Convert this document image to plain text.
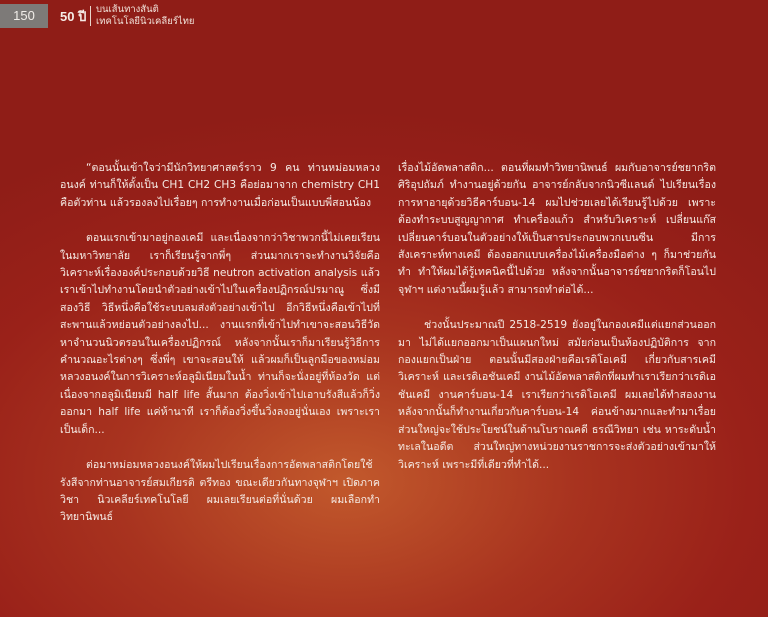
150	50 ปี บนเส้นทางสันติ
เทคโนโลยีนิวเคลียร์ไทย

“ตอนนั้นเข้าใจว่ามีนักวิทยาศาสตร์ราว 9 คน ท่านหม่อมหลวงอนงค์ ท่านก็ให้ตั้งเป็น CH1 CH2 CH3 คือย่อมาจาก chemistry CH1 คือตัวท่าน แล้วรองลงไปเรื่อยๆ การทำงานเมื่อก่อนเป็นแบบพี่สอนน้อง

ตอนแรกเข้ามาอยู่กองเคมี และเนื่องจากว่าวิชาพวกนี้ไม่เคยเรียนในมหาวิทยาลัย เราก็เรียนรู้จากพี่ๆ ส่วนมากเราจะทำงานวิจัยคือวิเคราะห์เรื่ององค์ประกอบด้วยวิธี neutron activation analysis แล้วเราเข้าไปทำงานโดยนำตัวอย่างเข้าไปในเครื่องปฏิกรณ์ปรมาณู ซึ่งมีสองวิธี วิธีหนึ่งคือใช้ระบบลมส่งตัวอย่างเข้าไป อีกวิธีหนึ่งคือเข้าไปที่สะพานแล้วหย่อนตัวอย่างลงไป... งานแรกที่เข้าไปทำเขาจะสอนวิธีวัดหาจำนวนนิวตรอนในเครื่องปฏิกรณ์ หลังจากนั้นเราก็มาเรียนรู้วิธีการคำนวณอะไรต่างๆ ซึ่งพี่ๆ เขาจะสอนให้ แล้วผมก็เป็นลูกมือของหม่อมหลวงอนงค์ในการวิเคราะห์อลูมิเนียมในน้ำ ท่านก็จะนั่งอยู่ที่ห้องวัด แต่เนื่องจากอลูมิเนียมมี half life สั้นมาก ต้องวิ่งเข้าไปเอาบรังสีแล้วก็วิ่งออกมา half life แค่ห้านาที เราก็ต้องวิ่งขึ้นวิ่งลงอยู่นั่นเอง เพราะเราเป็นเด็ก...

ต่อมาหม่อมหลวงอนงค์ให้ผมไปเรียนเรื่องการอัดพลาสติกโดยใช้รังสีจากท่านอาจารย์สมเกียรติ ตรีทอง ขณะเดียวกันทางจุฬาฯ เปิดภาควิชา นิวเคลียร์เทคโนโลยี ผมเลยเรียนต่อที่นั่นด้วย ผมเลือกทำวิทยานิพนธ์

เรื่องไม้อัดพลาสติก... ตอนที่ผมทำวิทยานิพนธ์ ผมกับอาจารย์ชยากริต ศิริอุปถัมภ์ ทำงานอยู่ด้วยกัน อาจารย์กลับจากนิวซีแลนด์ ไปเรียนเรื่องการหาอายุด้วยวิธีคาร์บอน-14 ผมไปช่วยเลยได้เรียนรู้ไปด้วย เพราะต้องทำระบบสูญญากาศ ทำเครื่องแก้ว สำหรับวิเคราะห์ เปลี่ยนแก๊สเปลี่ยนคาร์บอนในตัวอย่างให้เป็นสารประกอบพวกเบนซีน มีการสังเคราะห์ทางเคมี ต้องออกแบบเครื่องไม้เครื่องมือต่าง ๆ ก็มาช่วยกันทำ ทำให้ผมได้รู้เทคนิคนี้ไปด้วย หลังจากนั้นอาจารย์ชยากริตก็โอนไปจุฬาฯ แต่งานนี้ผมรู้แล้ว สามารถทำต่อได้...

ช่วงนั้นประมาณปี 2518-2519 ยังอยู่ในกองเคมีแต่แยกส่วนออกมา ไม่ได้แยกออกมาเป็นแผนกใหม่ สมัยก่อนเป็นห้องปฏิบัติการ จากกองแยกเป็นฝ่าย ตอนนั้นมีสองฝ่ายคือเรดิโอเคมี เกี่ยวกับสารเคมีวิเคราะห์ และเรดิเอชันเคมี งานไม้อัดพลาสติกที่ผมทำเราเรียกว่าเรดิเอชันเคมี งานคาร์บอน-14 เราเรียกว่าเรดิโอเคมี ผมเลยได้ทำสองงาน หลังจากนั้นก็ทำงานเกี่ยวกับคาร์บอน-14 ค่อนข้างมากและทำมาเรื่อย ส่วนใหญ่จะใช้ประโยชน์ในด้านโบราณคดี ธรณีวิทยา เช่น หาระดับน้ำทะเลในอดีต ส่วนใหญ่ทางหน่วยงานราชการจะส่งตัวอย่างเข้ามาให้วิเคราะห์ เพราะมีที่เดียวที่ทำได้...
